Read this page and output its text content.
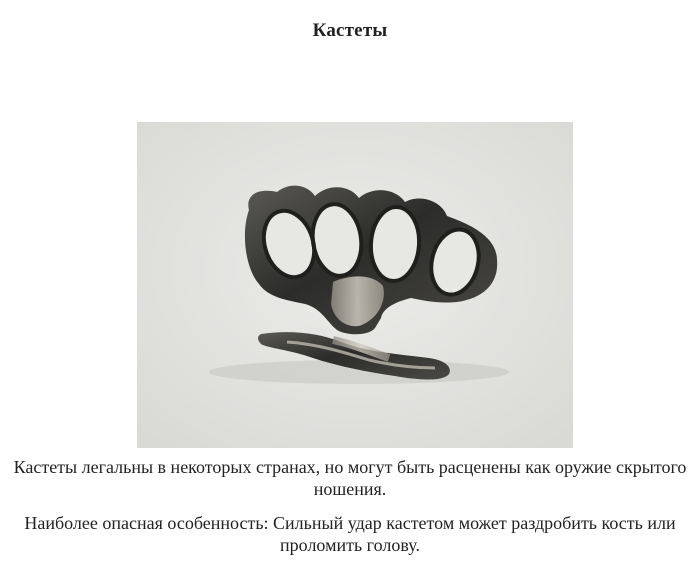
Кастеты
Кастеты легальны в некоторых странах, но могут быть расценены как оружие скрытого ношения.
Наиболее опасная особенность: Сильный удар кастетом может раздробить кость или проломить голову.
